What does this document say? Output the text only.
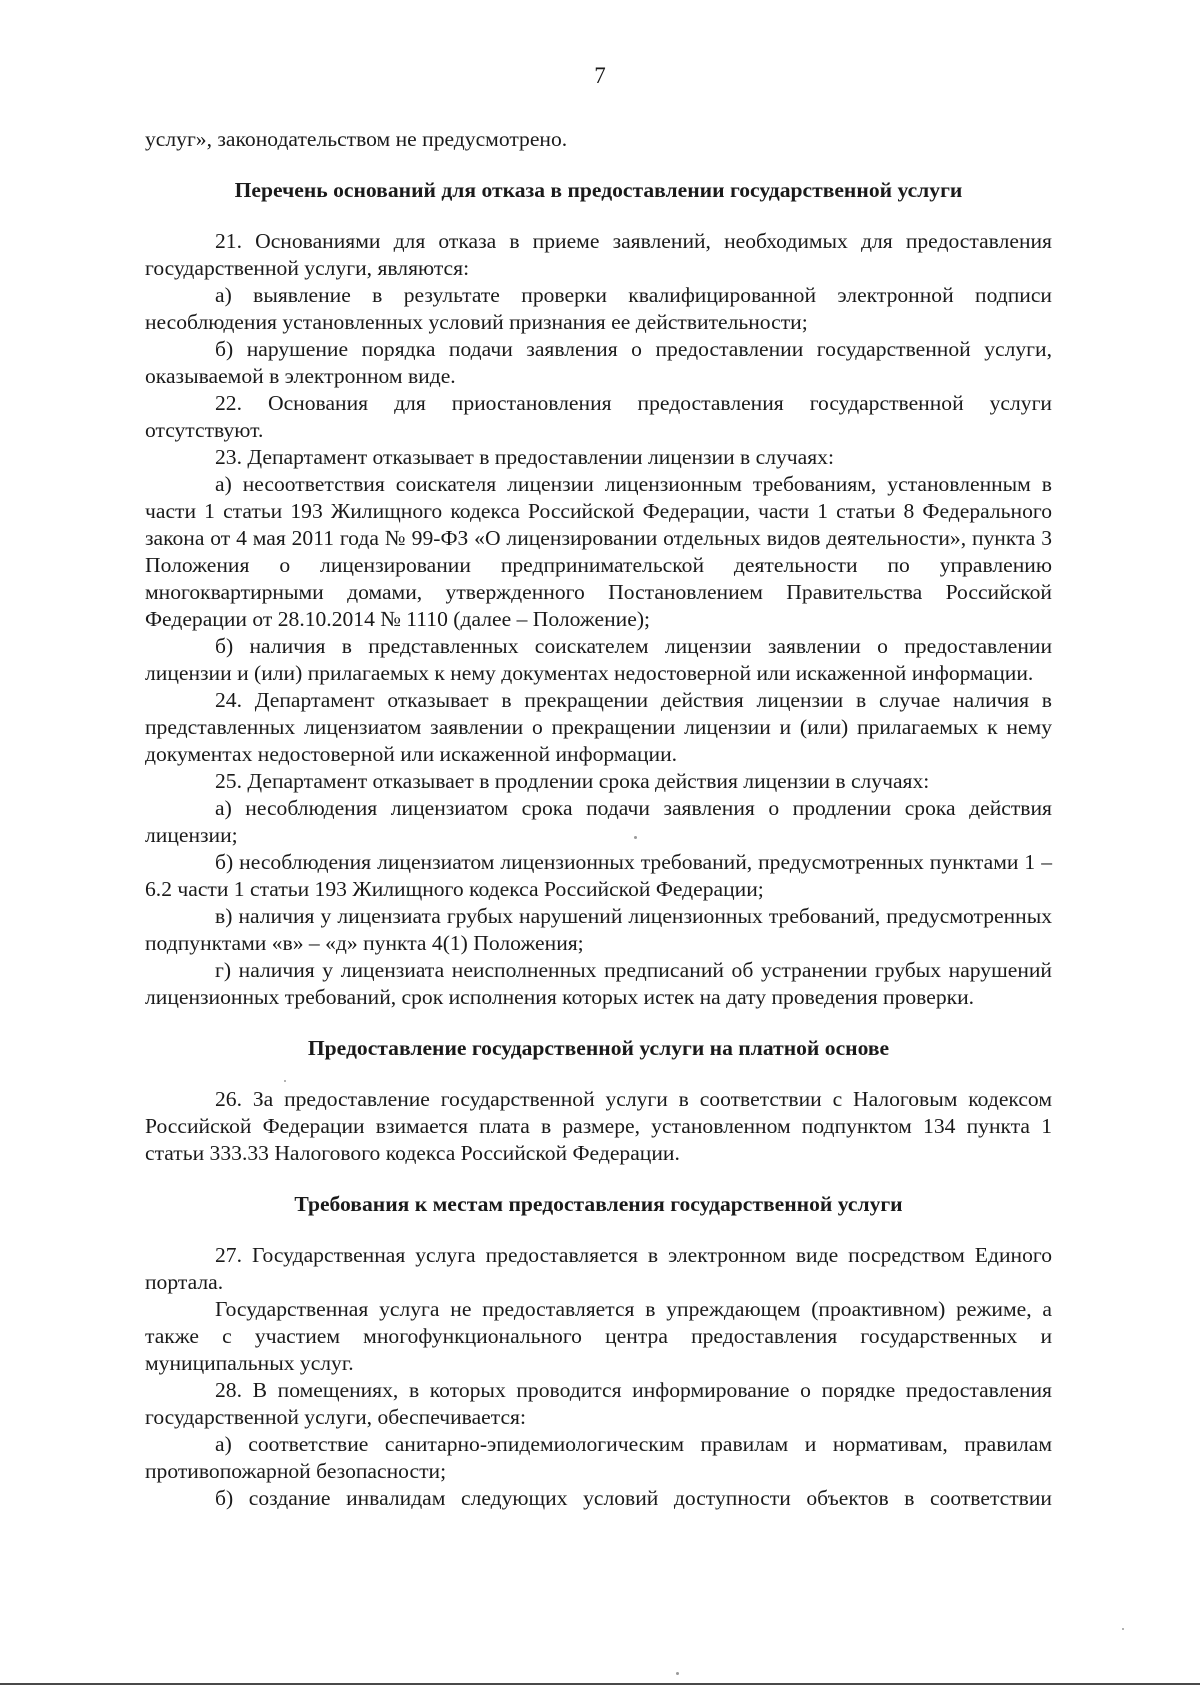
7

услуг», законодательством не предусмотрено.

Перечень оснований для отказа в предоставлении государственной услуги

21. Основаниями для отказа в приеме заявлений, необходимых для предоставления государственной услуги, являются:

а) выявление в результате проверки квалифицированной электронной подписи несоблюдения установленных условий признания ее действительности;

б) нарушение порядка подачи заявления о предоставлении государственной услуги, оказываемой в электронном виде.

22. Основания для приостановления предоставления государственной услуги отсутствуют.

23. Департамент отказывает в предоставлении лицензии в случаях:

а) несоответствия соискателя лицензии лицензионным требованиям, установленным в части 1 статьи 193 Жилищного кодекса Российской Федерации, части 1 статьи 8 Федерального закона от 4 мая 2011 года № 99-ФЗ «О лицензировании отдельных видов деятельности», пункта 3 Положения о лицензировании предпринимательской деятельности по управлению многоквартирными домами, утвержденного Постановлением Правительства Российской Федерации от 28.10.2014 № 1110 (далее – Положение);

б) наличия в представленных соискателем лицензии заявлении о предоставлении лицензии и (или) прилагаемых к нему документах недостоверной или искаженной информации.

24. Департамент отказывает в прекращении действия лицензии в случае наличия в представленных лицензиатом заявлении о прекращении лицензии и (или) прилагаемых к нему документах недостоверной или искаженной информации.

25. Департамент отказывает в продлении срока действия лицензии в случаях:

а) несоблюдения лицензиатом срока подачи заявления о продлении срока действия лицензии;

б) несоблюдения лицензиатом лицензионных требований, предусмотренных пунктами 1 – 6.2 части 1 статьи 193 Жилищного кодекса Российской Федерации;

в) наличия у лицензиата грубых нарушений лицензионных требований, предусмотренных подпунктами «в» – «д» пункта 4(1) Положения;

г) наличия у лицензиата неисполненных предписаний об устранении грубых нарушений лицензионных требований, срок исполнения которых истек на дату проведения проверки.

Предоставление государственной услуги на платной основе

26. За предоставление государственной услуги в соответствии с Налоговым кодексом Российской Федерации взимается плата в размере, установленном подпунктом 134 пункта 1 статьи 333.33 Налогового кодекса Российской Федерации.

Требования к местам предоставления государственной услуги

27. Государственная услуга предоставляется в электронном виде посредством Единого портала.

Государственная услуга не предоставляется в упреждающем (проактивном) режиме, а также с участием многофункционального центра предоставления государственных и муниципальных услуг.

28. В помещениях, в которых проводится информирование о порядке предоставления государственной услуги, обеспечивается:

а) соответствие санитарно-эпидемиологическим правилам и нормативам, правилам противопожарной безопасности;

б) создание инвалидам следующих условий доступности объектов в соответствии
